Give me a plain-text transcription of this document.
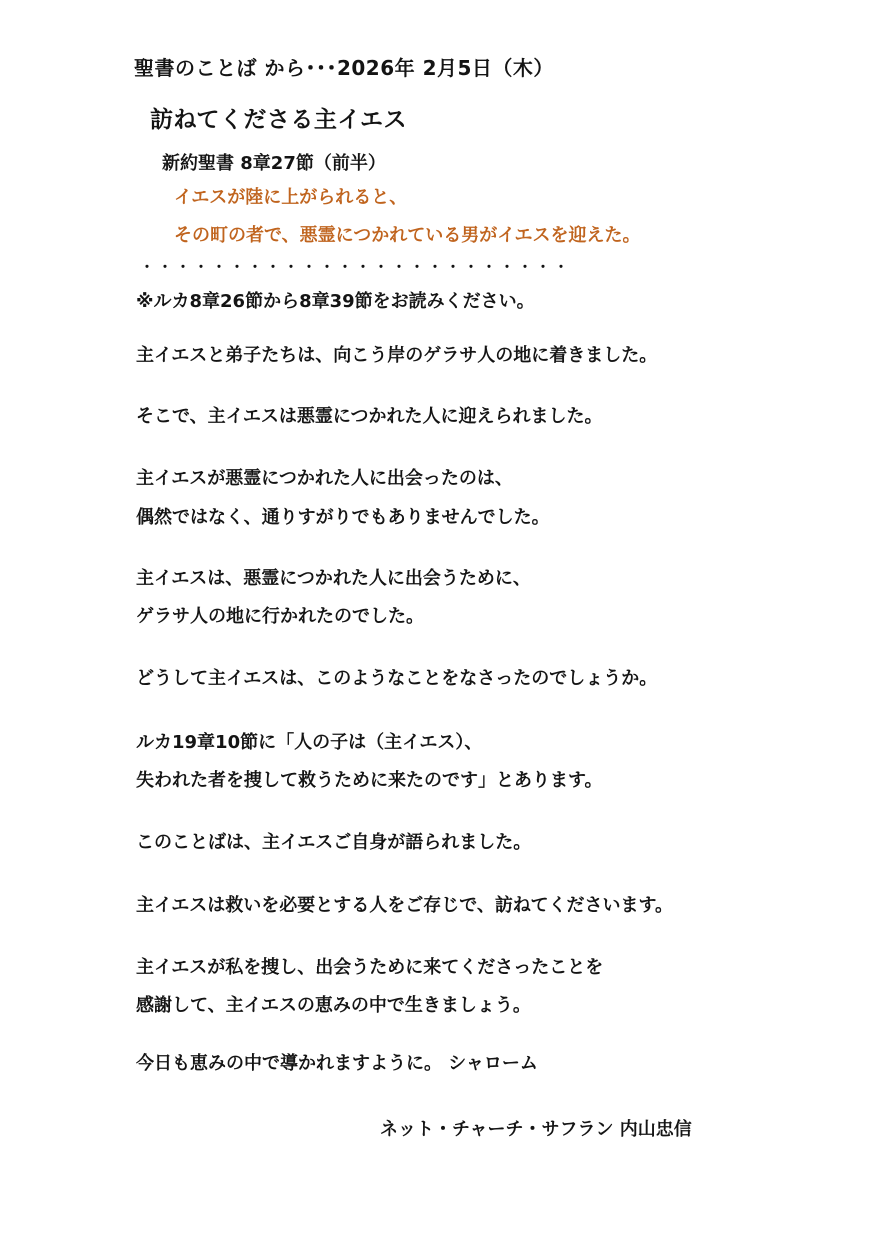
聖書のことば から･･･2026年 2月5日（木）
訪ねてくださる主イエス
新約聖書 8章27節（前半）
イエスが陸に上がられると、
その町の者で、悪霊につかれている男がイエスを迎えた。
・・・・・・・・・・・・・・・・・・・・・・・・
※ルカ8章26節から8章39節をお読みください。
主イエスと弟子たちは、向こう岸のゲラサ人の地に着きました。
そこで、主イエスは悪霊につかれた人に迎えられました。
主イエスが悪霊につかれた人に出会ったのは、
偶然ではなく、通りすがりでもありませんでした。
主イエスは、悪霊につかれた人に出会うために、
ゲラサ人の地に行かれたのでした。
どうして主イエスは、このようなことをなさったのでしょうか。
ルカ19章10節に「人の子は（主イエス）、
失われた者を捜して救うために来たのです」とあります。
このことばは、主イエスご自身が語られました。
主イエスは救いを必要とする人をご存じで、訪ねてくださいます。
主イエスが私を捜し、出会うために来てくださったことを
感謝して、主イエスの恵みの中で生きましょう。
今日も恵みの中で導かれますように。 シャローム
ネット・チャーチ・サフラン 内山忠信
